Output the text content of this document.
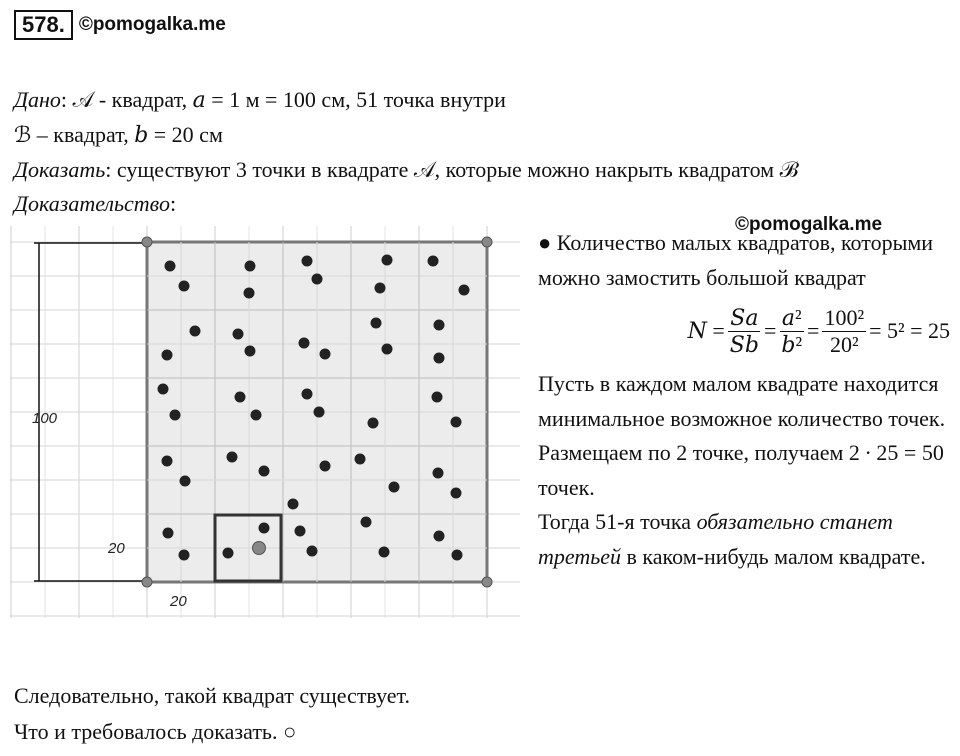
578. ©pomogalka.me
Дано: 𝒜 - квадрат, 𝑎 = 1 м = 100 см, 51 точка внутри
ℬ – квадрат, 𝑏 = 20 см
Доказать: существуют 3 точки в квадрате 𝒜, которые можно накрыть квадратом ℬ
Доказательство:
©pomogalka.me
100
20
20

● Количество малых квадратов, которыми можно замостить большой квадрат

𝑁 = $\frac{\text{𝑆𝑎}}{\text{𝑆𝑏}} = \frac{\text{𝑎²}}{\text{𝑏²}} = \frac{\text{100²}}{\text{20²}} = 5^2 = 25$

Пусть в каждом малом квадрате находится минимальное возможное количество точек.

Размещаем по 2 точке, получаем 2 ∙ 25 = 50 точек.

Тогда 51-я точка обязательно станет третьей в каком-нибудь малом квадрате.

Следовательно, такой квадрат существует.
Что и требовалось доказать. ○
